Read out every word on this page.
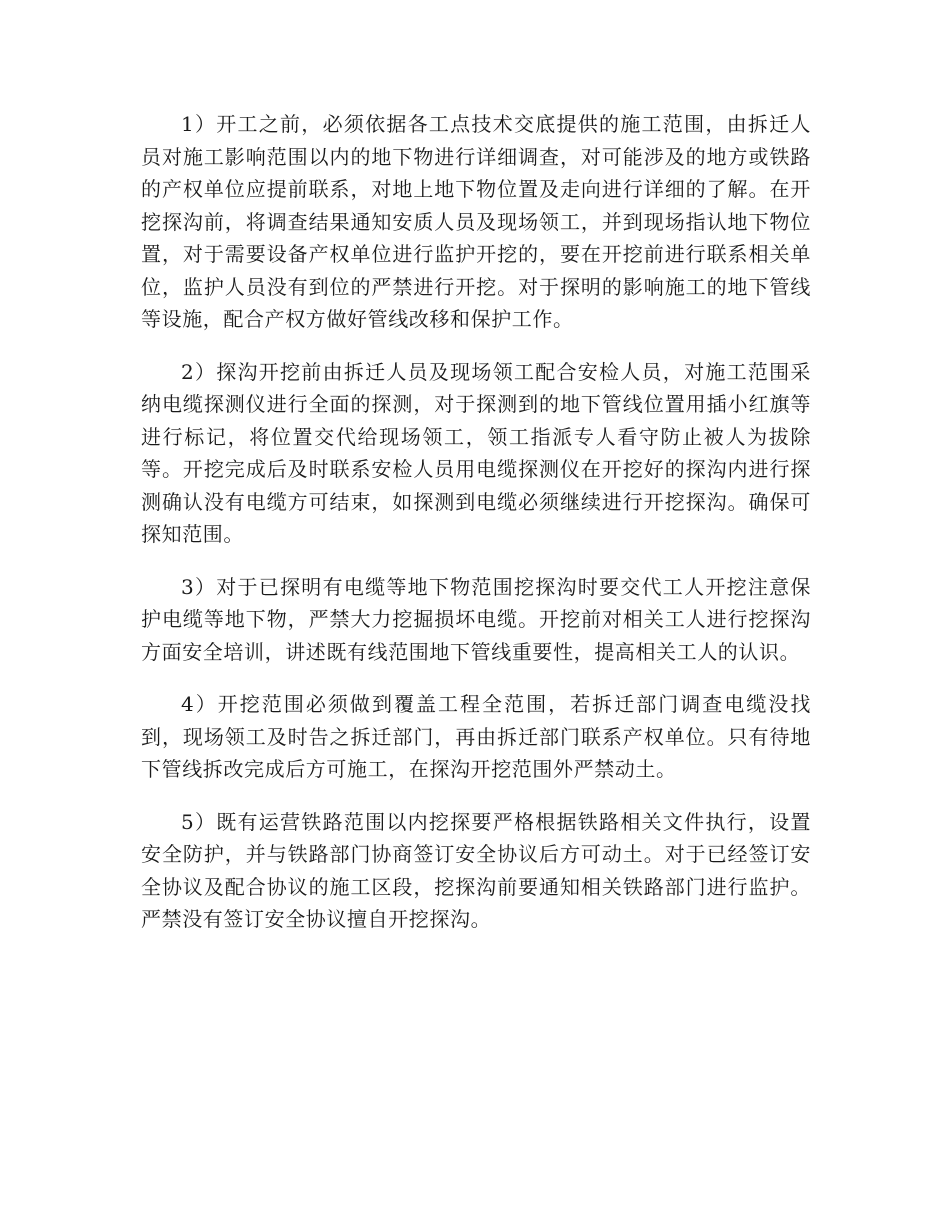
1）开工之前，必须依据各工点技术交底提供的施工范围，由拆迁人员对施工影响范围以内的地下物进行详细调查，对可能涉及的地方或铁路的产权单位应提前联系，对地上地下物位置及走向进行详细的了解。在开挖探沟前，将调查结果通知安质人员及现场领工，并到现场指认地下物位置，对于需要设备产权单位进行监护开挖的，要在开挖前进行联系相关单位，监护人员没有到位的严禁进行开挖。对于探明的影响施工的地下管线等设施，配合产权方做好管线改移和保护工作。

2）探沟开挖前由拆迁人员及现场领工配合安检人员，对施工范围采纳电缆探测仪进行全面的探测，对于探测到的地下管线位置用插小红旗等进行标记，将位置交代给现场领工，领工指派专人看守防止被人为拔除等。开挖完成后及时联系安检人员用电缆探测仪在开挖好的探沟内进行探测确认没有电缆方可结束，如探测到电缆必须继续进行开挖探沟。确保可探知范围。

3）对于已探明有电缆等地下物范围挖探沟时要交代工人开挖注意保护电缆等地下物，严禁大力挖掘损坏电缆。开挖前对相关工人进行挖探沟方面安全培训，讲述既有线范围地下管线重要性，提高相关工人的认识。

4）开挖范围必须做到覆盖工程全范围，若拆迁部门调查电缆没找到，现场领工及时告之拆迁部门，再由拆迁部门联系产权单位。只有待地下管线拆改完成后方可施工，在探沟开挖范围外严禁动土。

5）既有运营铁路范围以内挖探要严格根据铁路相关文件执行，设置安全防护，并与铁路部门协商签订安全协议后方可动土。对于已经签订安全协议及配合协议的施工区段，挖探沟前要通知相关铁路部门进行监护。严禁没有签订安全协议擅自开挖探沟。
